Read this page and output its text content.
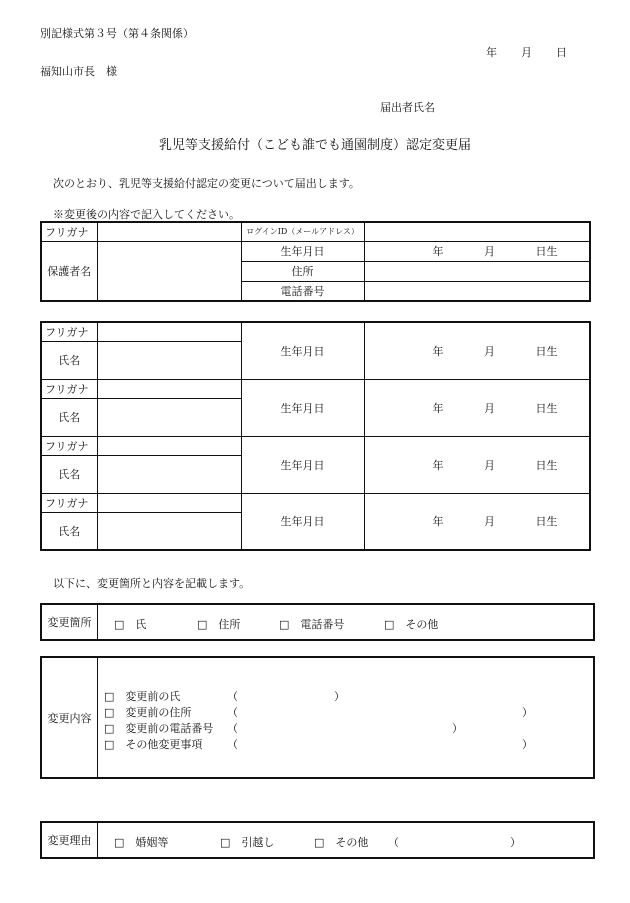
別記様式第３号（第４条関係）
年 月 日
福知山市長　様
届出者氏名
乳児等支援給付（こども誰でも通園制度）認定変更届
次のとおり、乳児等支援給付認定の変更について届出します。
※変更後の内容で記入してください。
フリガナ		ログインID（メールアドレス）	
保護者名		生年月日	年 月 日生
		住所	
		電話番号	
フリガナ		生年月日	年 月 日生
氏名			
フリガナ		生年月日	年 月 日生
氏名			
フリガナ		生年月日	年 月 日生
氏名			
フリガナ		生年月日	年 月 日生
氏名			
以下に、変更箇所と内容を記載します。
変更箇所	□　氏	□　住所	□　電話番号	□　その他
変更内容
□　変更前の氏	（	）
□　変更前の住所	（	）
□　変更前の電話番号 （	）
□　その他変更事項 （	）
変更理由	□　婚姻等	□　引越し	□　その他 （	）
